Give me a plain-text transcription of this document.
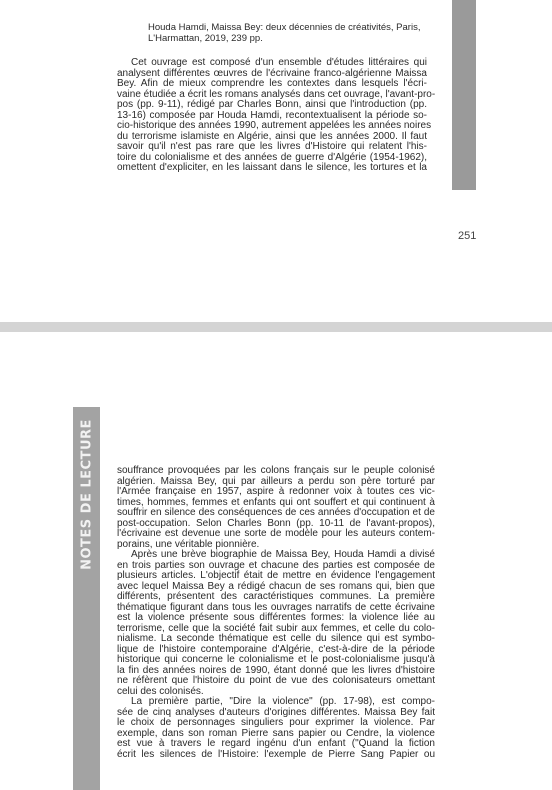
Houda Hamdi, Maissa Bey: deux décennies de créativités, Paris,
L'Harmattan, 2019, 239 pp.
Cet ouvrage est composé d'un ensemble d'études littéraires qui
analysent différentes œuvres de l'écrivaine franco-algérienne Maissa
Bey. Afin de mieux comprendre les contextes dans lesquels l'écri-
vaine étudiée a écrit les romans analysés dans cet ouvrage, l'avant-pro-
pos (pp. 9-11), rédigé par Charles Bonn, ainsi que l'introduction (pp.
13-16) composée par Houda Hamdi, recontextualisent la période so-
cio-historique des années 1990, autrement appelées les années noires
du terrorisme islamiste en Algérie, ainsi que les années 2000. Il faut
savoir qu'il n'est pas rare que les livres d'Histoire qui relatent l'his-
toire du colonialisme et des années de guerre d'Algérie (1954-1962),
omettent d'expliciter, en les laissant dans le silence, les tortures et la
251
NOTES DE LECTURE souffrance provoquées par les colons français sur le peuple colonisé
algérien. Maissa Bey, qui par ailleurs a perdu son père torturé par
l'Armée française en 1957, aspire à redonner voix à toutes ces vic-
times, hommes, femmes et enfants qui ont souffert et qui continuent à
souffrir en silence des conséquences de ces années d'occupation et de
post-occupation. Selon Charles Bonn (pp. 10-11 de l'avant-propos),
l'écrivaine est devenue une sorte de modèle pour les auteurs contem-
porains, une véritable pionnière.
Après une brève biographie de Maissa Bey, Houda Hamdi a divisé
en trois parties son ouvrage et chacune des parties est composée de
plusieurs articles. L'objectif était de mettre en évidence l'engagement
avec lequel Maissa Bey a rédigé chacun de ses romans qui, bien que
différents, présentent des caractéristiques communes. La première
thématique figurant dans tous les ouvrages narratifs de cette écrivaine
est la violence présente sous différentes formes: la violence liée au
terrorisme, celle que la société fait subir aux femmes, et celle du colo-
nialisme. La seconde thématique est celle du silence qui est symbo-
lique de l'histoire contemporaine d'Algérie, c'est-à-dire de la période
historique qui concerne le colonialisme et le post-colonialisme jusqu'à
la fin des années noires de 1990, étant donné que les livres d'histoire
ne réfèrent que l'histoire du point de vue des colonisateurs omettant
celui des colonisés.
La première partie, "Dire la violence" (pp. 17-98), est compo-
sée de cinq analyses d'auteurs d'origines différentes. Maissa Bey fait
le choix de personnages singuliers pour exprimer la violence. Par
exemple, dans son roman Pierre sans papier ou Cendre, la violence
est vue à travers le regard ingénu d'un enfant ("Quand la fiction
écrit les silences de l'Histoire: l'exemple de Pierre Sang Papier ou
